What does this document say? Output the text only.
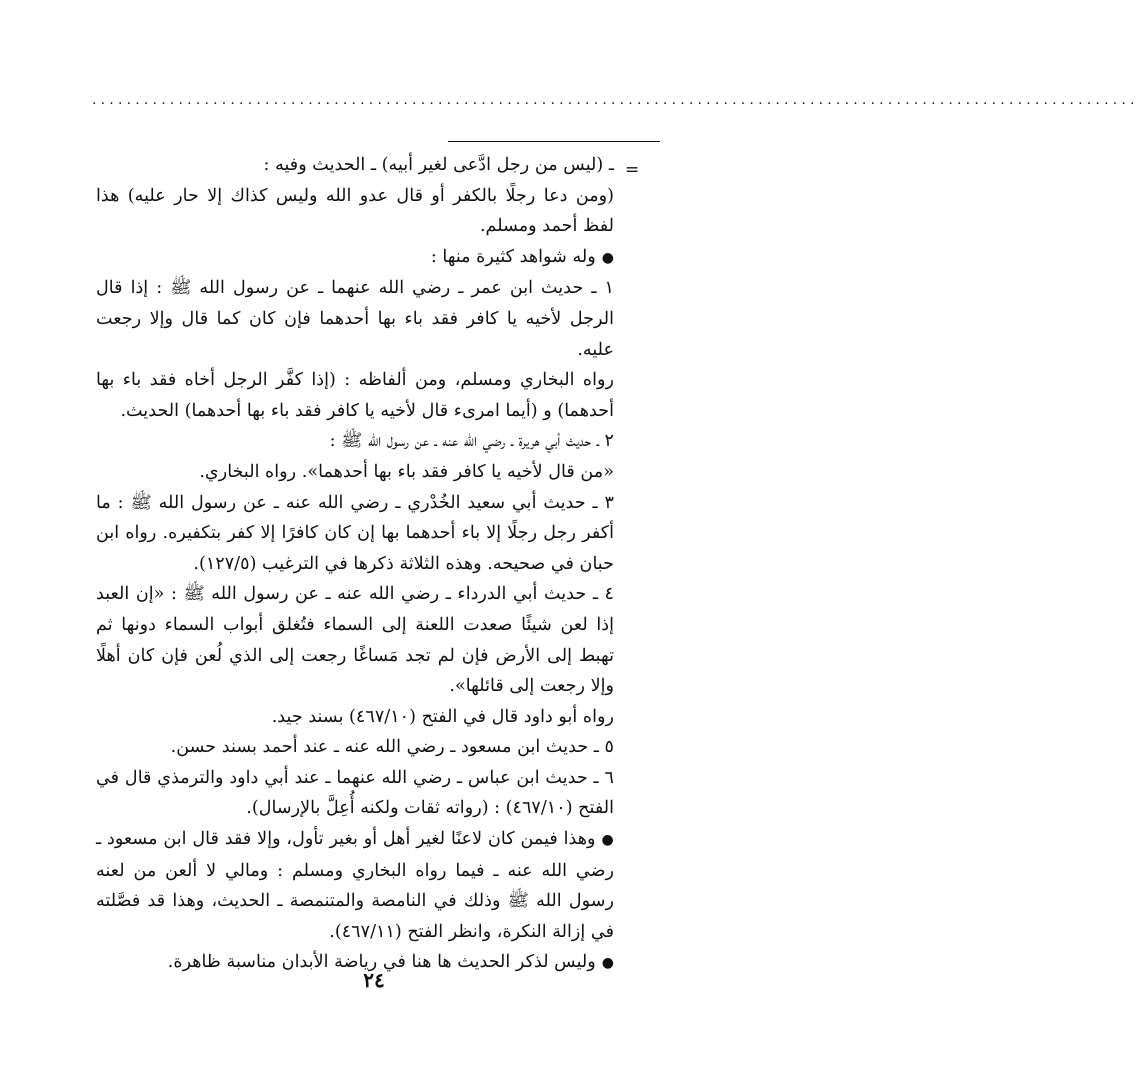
.........................................................................................................................
=

ـ (ليس من رجل ادَّعى لغير أبيه) ـ الحديث وفيه :

(ومن دعا رجلًا بالكفر أو قال عدو الله وليس كذاك إلا حار عليه) هذا لفظ أحمد ومسلم.

● وله شواهد كثيرة منها :

١ ـ حديث ابن عمر ـ رضي الله عنهما ـ عن رسول الله ﷺ : إذا قال الرجل لأخيه يا كافر فقد باء بها أحدهما فإن كان كما قال وإلا رجعت عليه.

رواه البخاري ومسلم، ومن ألفاظه : (إذا كفَّر الرجل أخاه فقد باء بها أحدهما) و (أيما امرىء قال لأخيه يا كافر فقد باء بها أحدهما) الحديث.

٢ ـ حديث أبي هريرة ـ رضي الله عنه ـ عن رسول الله ﷺ :

«من قال لأخيه يا كافر فقد باء بها أحدهما». رواه البخاري.

٣ ـ حديث أبي سعيد الخُدْري ـ رضي الله عنه ـ عن رسول الله ﷺ : ما أكفر رجل رجلًا إلا باء أحدهما بها إن كان كافرًا إلا كفر بتكفيره. رواه ابن حبان في صحيحه. وهذه الثلاثة ذكرها في الترغيب (١٢٧/٥).

٤ ـ حديث أبي الدرداء ـ رضي الله عنه ـ عن رسول الله ﷺ : «إن العبد إذا لعن شيئًا صعدت اللعنة إلى السماء فتُغلق أبواب السماء دونها ثم تهبط إلى الأرض فإن لم تجد مَساغًا رجعت إلى الذي لُعن فإن كان أهلًا وإلا رجعت إلى قائلها».

رواه أبو داود قال في الفتح (٤٦٧/١٠) بسند جيد.

٥ ـ حديث ابن مسعود ـ رضي الله عنه ـ عند أحمد بسند حسن.

٦ ـ حديث ابن عباس ـ رضي الله عنهما ـ عند أبي داود والترمذي قال في الفتح (٤٦٧/١٠) : (رواته ثقات ولكنه أُعِلَّ بالإرسال).

● وهذا فيمن كان لاعنًا لغير أهل أو بغير تأول، وإلا فقد قال ابن مسعود ـ رضي الله عنه ـ فيما رواه البخاري ومسلم : ومالي لا ألعن من لعنه رسول الله ﷺ وذلك في النامصة والمتنمصة ـ الحديث، وهذا قد فصَّلته في إزالة النكرة، وانظر الفتح (٤٦٧/١١).

● وليس لذكر الحديث ها هنا في رياضة الأبدان مناسبة ظاهرة.

٢٤
